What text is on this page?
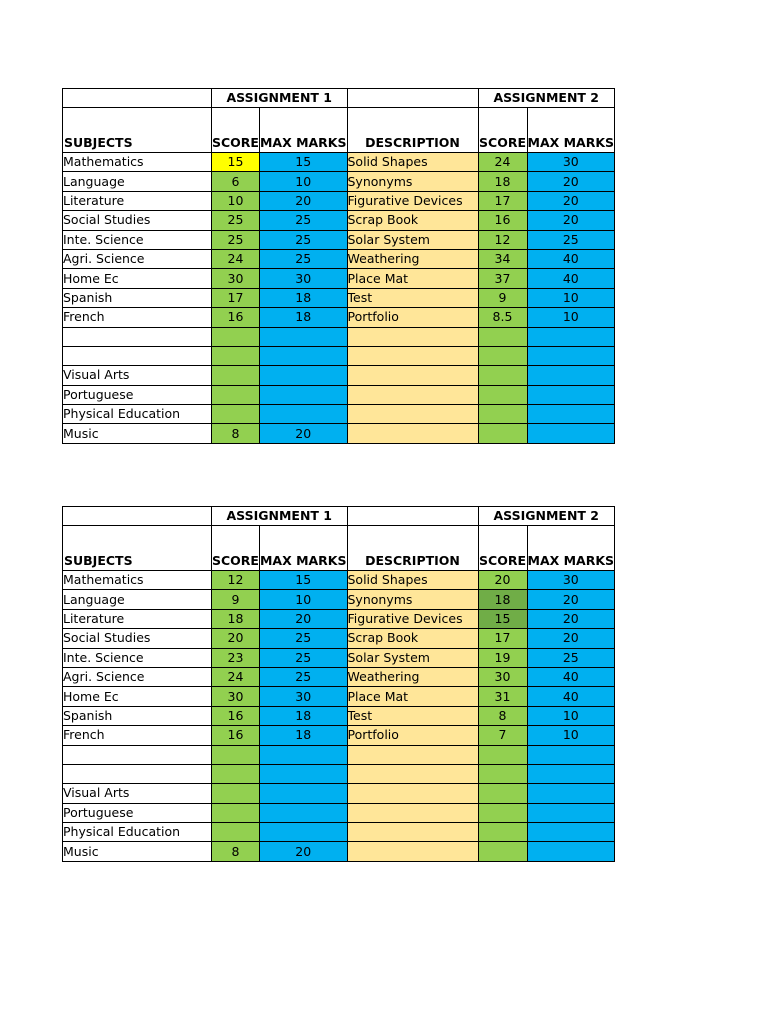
	ASSIGNMENT 1			ASSIGNMENT 2	
SUBJECTS	SCORE	MAX MARKS	DESCRIPTION	SCORE	MAX MARKS
Mathematics	15	15	Solid Shapes	24	30
Language	6	10	Synonyms	18	20
Literature	10	20	Figurative Devices	17	20
Social Studies	25	25	Scrap Book	16	20
Inte. Science	25	25	Solar System	12	25
Agri. Science	24	25	Weathering	34	40
Home Ec	30	30	Place Mat	37	40
Spanish	17	18	Test	9	10
French	16	18	Portfolio	8.5	10

Visual Arts					
Portuguese					
Physical Education					
Music	8	20			
	ASSIGNMENT 1			ASSIGNMENT 2	
SUBJECTS	SCORE	MAX MARKS	DESCRIPTION	SCORE	MAX MARKS
Mathematics	12	15	Solid Shapes	20	30
Language	9	10	Synonyms	18	20
Literature	18	20	Figurative Devices	15	20
Social Studies	20	25	Scrap Book	17	20
Inte. Science	23	25	Solar System	19	25
Agri. Science	24	25	Weathering	30	40
Home Ec	30	30	Place Mat	31	40
Spanish	16	18	Test	8	10
French	16	18	Portfolio	7	10

Visual Arts					
Portuguese					
Physical Education					
Music	8	20			
